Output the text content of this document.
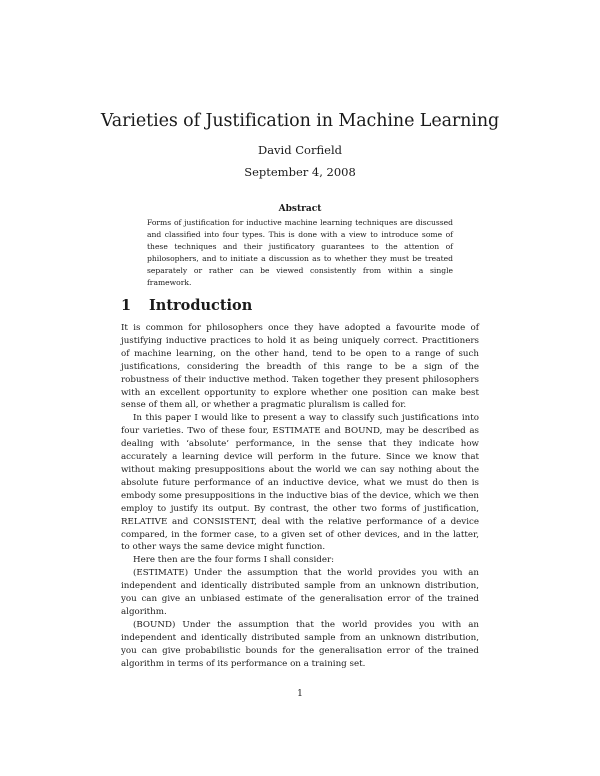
Varieties of Justification in Machine Learning
David Corfield
September 4, 2008
Abstract

Forms of justification for inductive machine learning techniques are discussed and classified into four types. This is done with a view to introduce some of these techniques and their justificatory guarantees to the attention of philosophers, and to initiate a discussion as to whether they must be treated separately or rather can be viewed consistently from within a single framework.

1 Introduction

It is common for philosophers once they have adopted a favourite mode of justifying inductive practices to hold it as being uniquely correct. Practitioners of machine learning, on the other hand, tend to be open to a range of such justifications, considering the breadth of this range to be a sign of the robustness of their inductive method. Taken together they present philosophers with an excellent opportunity to explore whether one position can make best sense of them all, or whether a pragmatic pluralism is called for.

In this paper I would like to present a way to classify such justifications into four varieties. Two of these four, ESTIMATE and BOUND, may be described as dealing with ‘absolute’ performance, in the sense that they indicate how accurately a learning device will perform in the future. Since we know that without making presuppositions about the world we can say nothing about the absolute future performance of an inductive device, what we must do then is embody some presuppositions in the inductive bias of the device, which we then employ to justify its output. By contrast, the other two forms of justification, RELATIVE and CONSISTENT, deal with the relative performance of a device compared, in the former case, to a given set of other devices, and in the latter, to other ways the same device might function.

Here then are the four forms I shall consider:

(ESTIMATE) Under the assumption that the world provides you with an independent and identically distributed sample from an unknown distribution, you can give an unbiased estimate of the generalisation error of the trained algorithm.

(BOUND) Under the assumption that the world provides you with an independent and identically distributed sample from an unknown distribution, you can give probabilistic bounds for the generalisation error of the trained algorithm in terms of its performance on a training set.

1
